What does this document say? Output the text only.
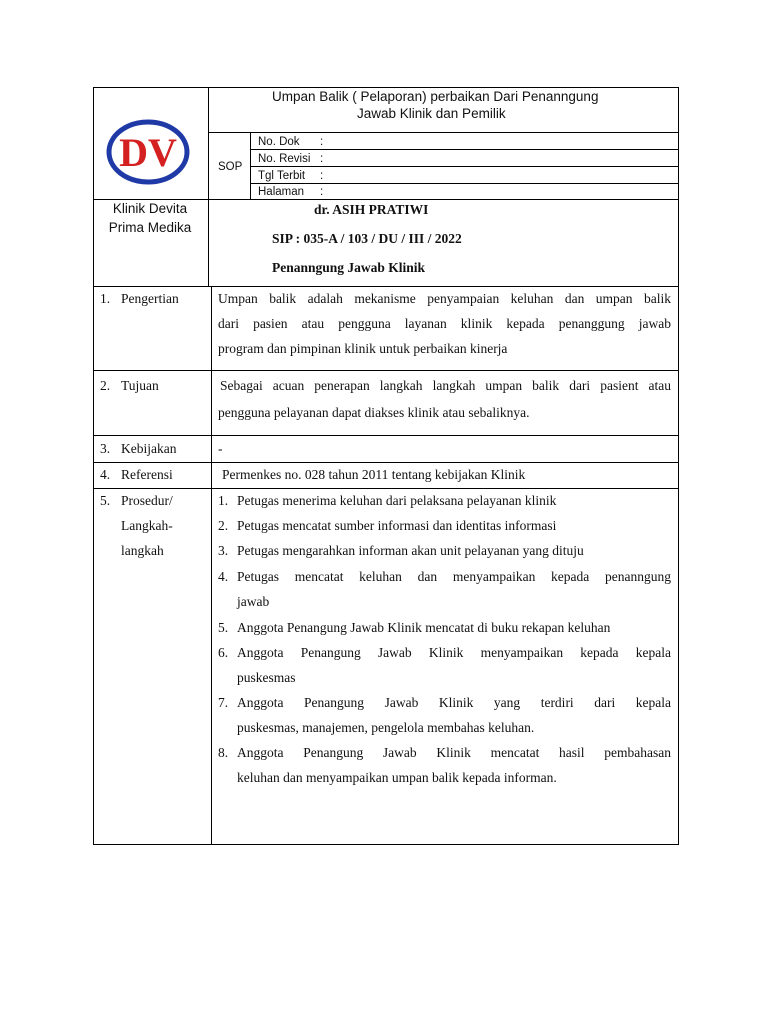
DV
Umpan Balik ( Pelaporan) perbaikan Dari Penanngung
Jawab Klinik dan Pemilik
SOP
No. Dok :
No. Revisi :
Tgl Terbit :
Halaman :
Klinik Devita
Prima Medika
dr. ASIH PRATIWI
SIP : 035-A / 103 / DU / III / 2022
Penanngung Jawab Klinik
1. Pengertian	Umpan balik adalah mekanisme penyampaian keluhan dan umpan balik
dari pasien atau pengguna layanan klinik kepada penanggung jawab
program dan pimpinan klinik untuk perbaikan kinerja
2. Tujuan	Sebagai acuan penerapan langkah langkah umpan balik dari pasient atau
pengguna pelayanan dapat diakses klinik atau sebaliknya.
3. Kebijakan	-
4. Referensi	Permenkes no. 028 tahun 2011 tentang kebijakan Klinik
5. Prosedur/
Langkah-
langkah
1. Petugas menerima keluhan dari pelaksana pelayanan klinik
2. Petugas mencatat sumber informasi dan identitas informasi
3. Petugas mengarahkan informan akan unit pelayanan yang dituju
4. Petugas mencatat keluhan dan menyampaikan kepada penanngung
jawab
5. Anggota Penangung Jawab Klinik mencatat di buku rekapan keluhan
6. Anggota Penangung Jawab Klinik menyampaikan kepada kepala
puskesmas
7. Anggota Penangung Jawab Klinik yang terdiri dari kepala
puskesmas, manajemen, pengelola membahas keluhan.
8. Anggota Penangung Jawab Klinik mencatat hasil pembahasan
keluhan dan menyampaikan umpan balik kepada informan.
